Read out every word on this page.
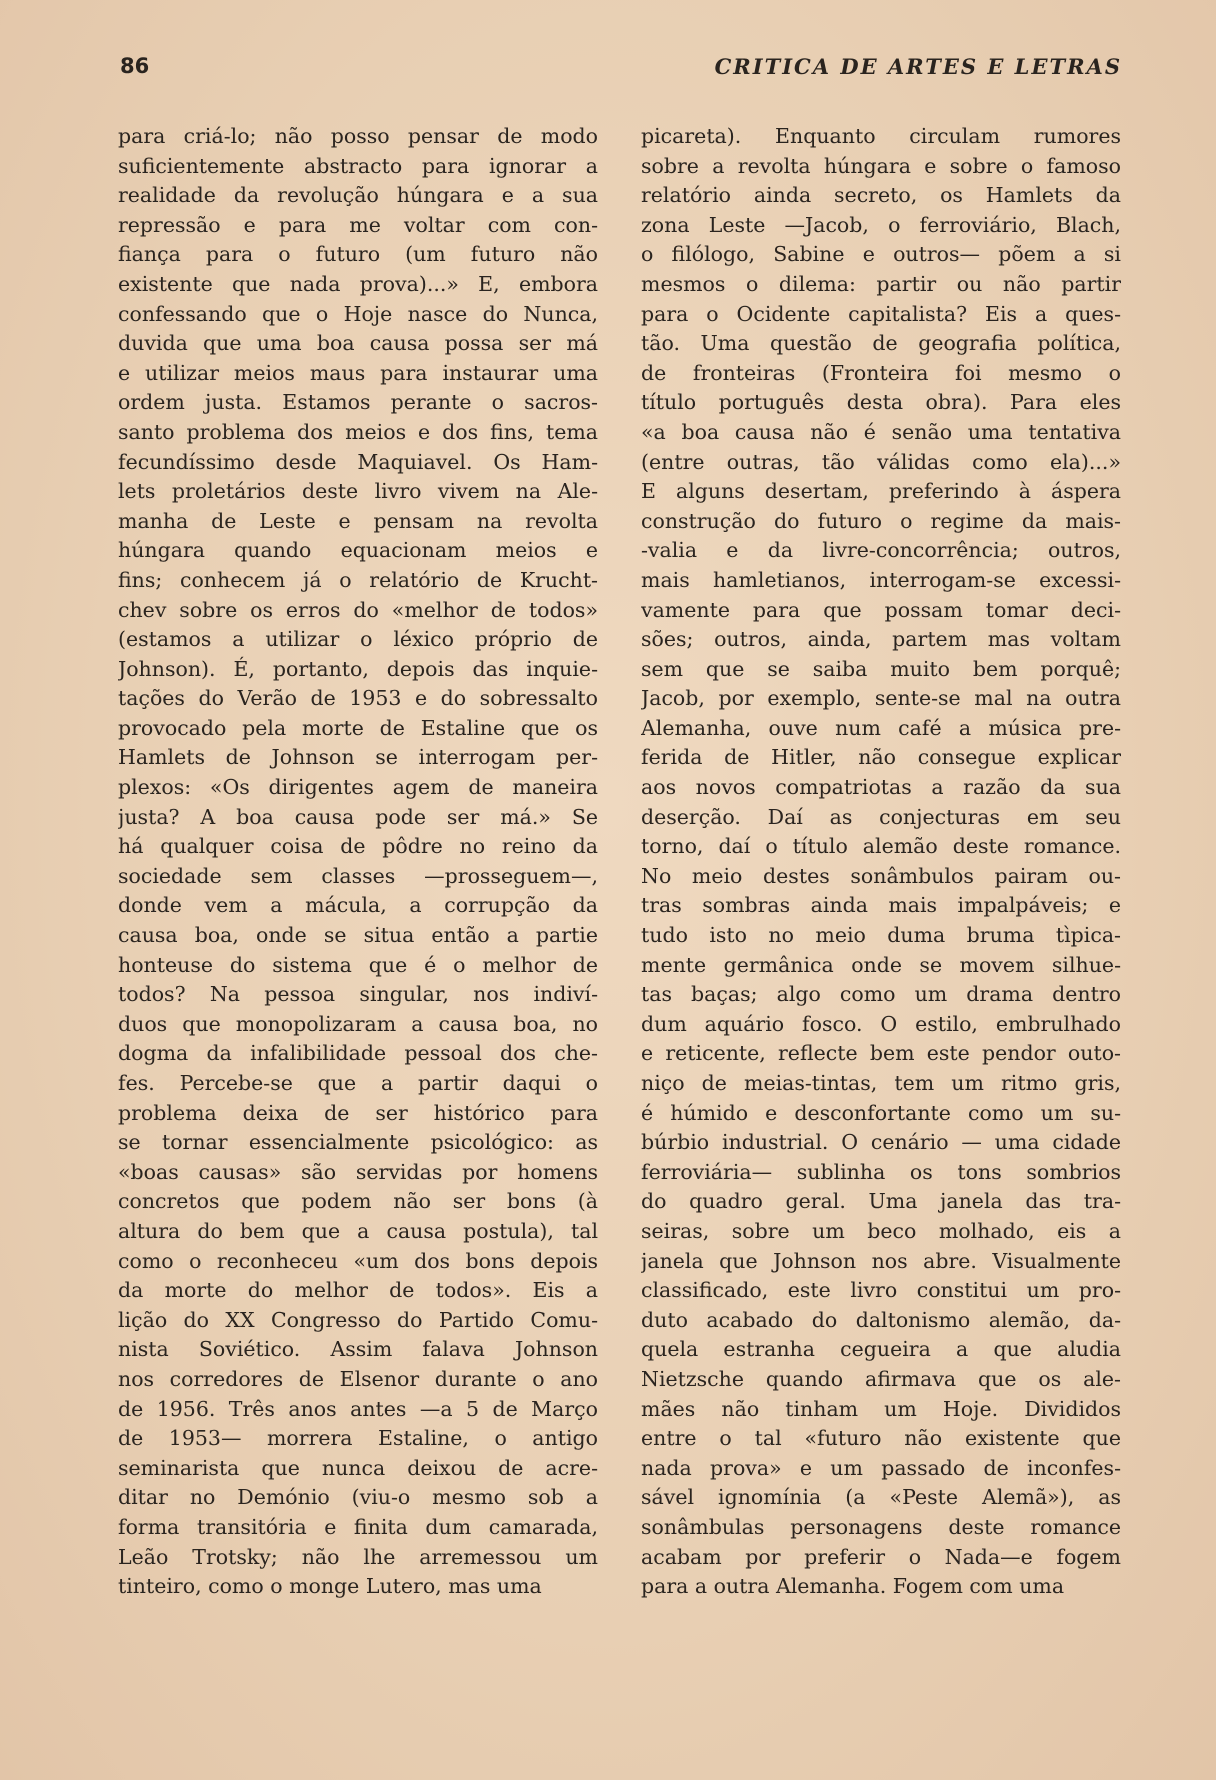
86	CRITICA DE ARTES E LETRAS
para criá-lo; não posso pensar de modo
suficientemente abstracto para ignorar a
realidade da revolução húngara e a sua
repressão e para me voltar com con-
fiança para o futuro (um futuro não
existente que nada prova)...» E, embora
confessando que o Hoje nasce do Nunca,
duvida que uma boa causa possa ser má
e utilizar meios maus para instaurar uma
ordem justa. Estamos perante o sacros-
santo problema dos meios e dos fins, tema
fecundíssimo desde Maquiavel. Os Ham-
lets proletários deste livro vivem na Ale-
manha de Leste e pensam na revolta
húngara quando equacionam meios e
fins; conhecem já o relatório de Krucht-
chev sobre os erros do «melhor de todos»
(estamos a utilizar o léxico próprio de
Johnson). É, portanto, depois das inquie-
tações do Verão de 1953 e do sobressalto
provocado pela morte de Estaline que os
Hamlets de Johnson se interrogam per-
plexos: «Os dirigentes agem de maneira
justa? A boa causa pode ser má.» Se
há qualquer coisa de pôdre no reino da
sociedade sem classes —prosseguem—,
donde vem a mácula, a corrupção da
causa boa, onde se situa então a partie
honteuse do sistema que é o melhor de
todos? Na pessoa singular, nos indiví-
duos que monopolizaram a causa boa, no
dogma da infalibilidade pessoal dos che-
fes. Percebe-se que a partir daqui o
problema deixa de ser histórico para
se tornar essencialmente psicológico: as
«boas causas» são servidas por homens
concretos que podem não ser bons (à
altura do bem que a causa postula), tal
como o reconheceu «um dos bons depois
da morte do melhor de todos». Eis a
lição do XX Congresso do Partido Comu-
nista Soviético. Assim falava Johnson
nos corredores de Elsenor durante o ano
de 1956. Três anos antes —a 5 de Março
de 1953— morrera Estaline, o antigo
seminarista que nunca deixou de acre-
ditar no Demónio (viu-o mesmo sob a
forma transitória e finita dum camarada,
Leão Trotsky; não lhe arremessou um
tinteiro, como o monge Lutero, mas uma
picareta). Enquanto circulam rumores
sobre a revolta húngara e sobre o famoso
relatório ainda secreto, os Hamlets da
zona Leste —Jacob, o ferroviário, Blach,
o filólogo, Sabine e outros— põem a si
mesmos o dilema: partir ou não partir
para o Ocidente capitalista? Eis a ques-
tão. Uma questão de geografia política,
de fronteiras (Fronteira foi mesmo o
título português desta obra). Para eles
«a boa causa não é senão uma tentativa
(entre outras, tão válidas como ela)...»
E alguns desertam, preferindo à áspera
construção do futuro o regime da mais-
-valia e da livre-concorrência; outros,
mais hamletianos, interrogam-se excessi-
vamente para que possam tomar deci-
sões; outros, ainda, partem mas voltam
sem que se saiba muito bem porquê;
Jacob, por exemplo, sente-se mal na outra
Alemanha, ouve num café a música pre-
ferida de Hitler, não consegue explicar
aos novos compatriotas a razão da sua
deserção. Daí as conjecturas em seu
torno, daí o título alemão deste romance.
No meio destes sonâmbulos pairam ou-
tras sombras ainda mais impalpáveis; e
tudo isto no meio duma bruma tìpica-
mente germânica onde se movem silhue-
tas baças; algo como um drama dentro
dum aquário fosco. O estilo, embrulhado
e reticente, reflecte bem este pendor outo-
niço de meias-tintas, tem um ritmo gris,
é húmido e desconfortante como um su-
búrbio industrial. O cenário — uma cidade
ferroviária— sublinha os tons sombrios
do quadro geral. Uma janela das tra-
seiras, sobre um beco molhado, eis a
janela que Johnson nos abre. Visualmente
classificado, este livro constitui um pro-
duto acabado do daltonismo alemão, da-
quela estranha cegueira a que aludia
Nietzsche quando afirmava que os ale-
mães não tinham um Hoje. Divididos
entre o tal «futuro não existente que
nada prova» e um passado de inconfes-
sável ignomínia (a «Peste Alemã»), as
sonâmbulas personagens deste romance
acabam por preferir o Nada—e fogem
para a outra Alemanha. Fogem com uma
